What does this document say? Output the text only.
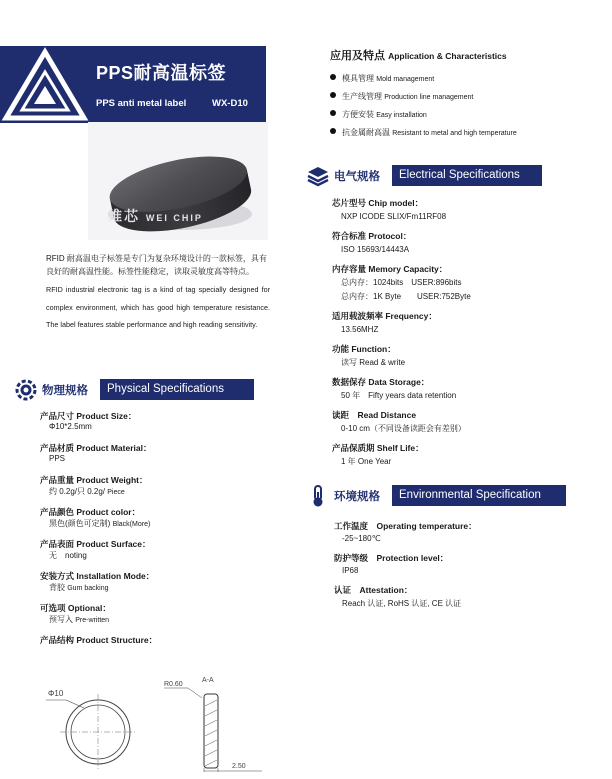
PPS耐高温标签
PPS anti metal label	WX-D10
维芯 WEI CHIP

RFID 耐高温电子标签是专门为复杂环境设计的一款标签，具有良好的耐高温性能。标签性能稳定，读取灵敏度高等特点。

RFID industrial electronic tag is a kind of tag specially designed for complex environment, which has good high temperature resistance. The label features stable performance and high reading sensitivity.

物理规格	Physical Specifications
产品尺寸 Product Size：
Φ10*2.5mm
产品材质 Product Material：
PPS
产品重量 Product Weight：
约 0.2g/只 0.2g/ Piece
产品颜色 Product color：
黑色(颜色可定制) Black(More)
产品表面 Product Surface：
无　noting
安装方式 Installation Mode：
背胶 Gum backing
可选项 Optional：
预写入 Pre-written
产品结构 Product Structure：
Φ10
R0.60
A-A
2.50
应用及特点 Application & Characteristics
模具管理 Mold management
生产线管理 Production line management
方便安装 Easy installation
抗金属耐高温 Resistant to metal and high temperature
电气规格	Electrical Specifications
芯片型号 Chip model：
NXP ICODE SLIX/Fm11RF08
符合标准 Protocol：
ISO 15693/14443A
内存容量 Memory Capacity：
总内存：1024bits　USER:896bits
总内存：1K Byte　　USER:752Byte
适用载波频率 Frequency：
13.56MHZ
功能 Function：
读写 Read & write
数据保存 Data Storage：
50 年　Fifty years data retention
读距　Read Distance
0-10 cm（不同设备读距会有差别）
产品保质期 Shelf Life：
1 年 One Year
环境规格	Environmental Specification
工作温度　Operating temperature：
-25~180℃
防护等级　Protection level：
IP68
认证　Attestation：
Reach 认证, RoHS 认证, CE 认证
